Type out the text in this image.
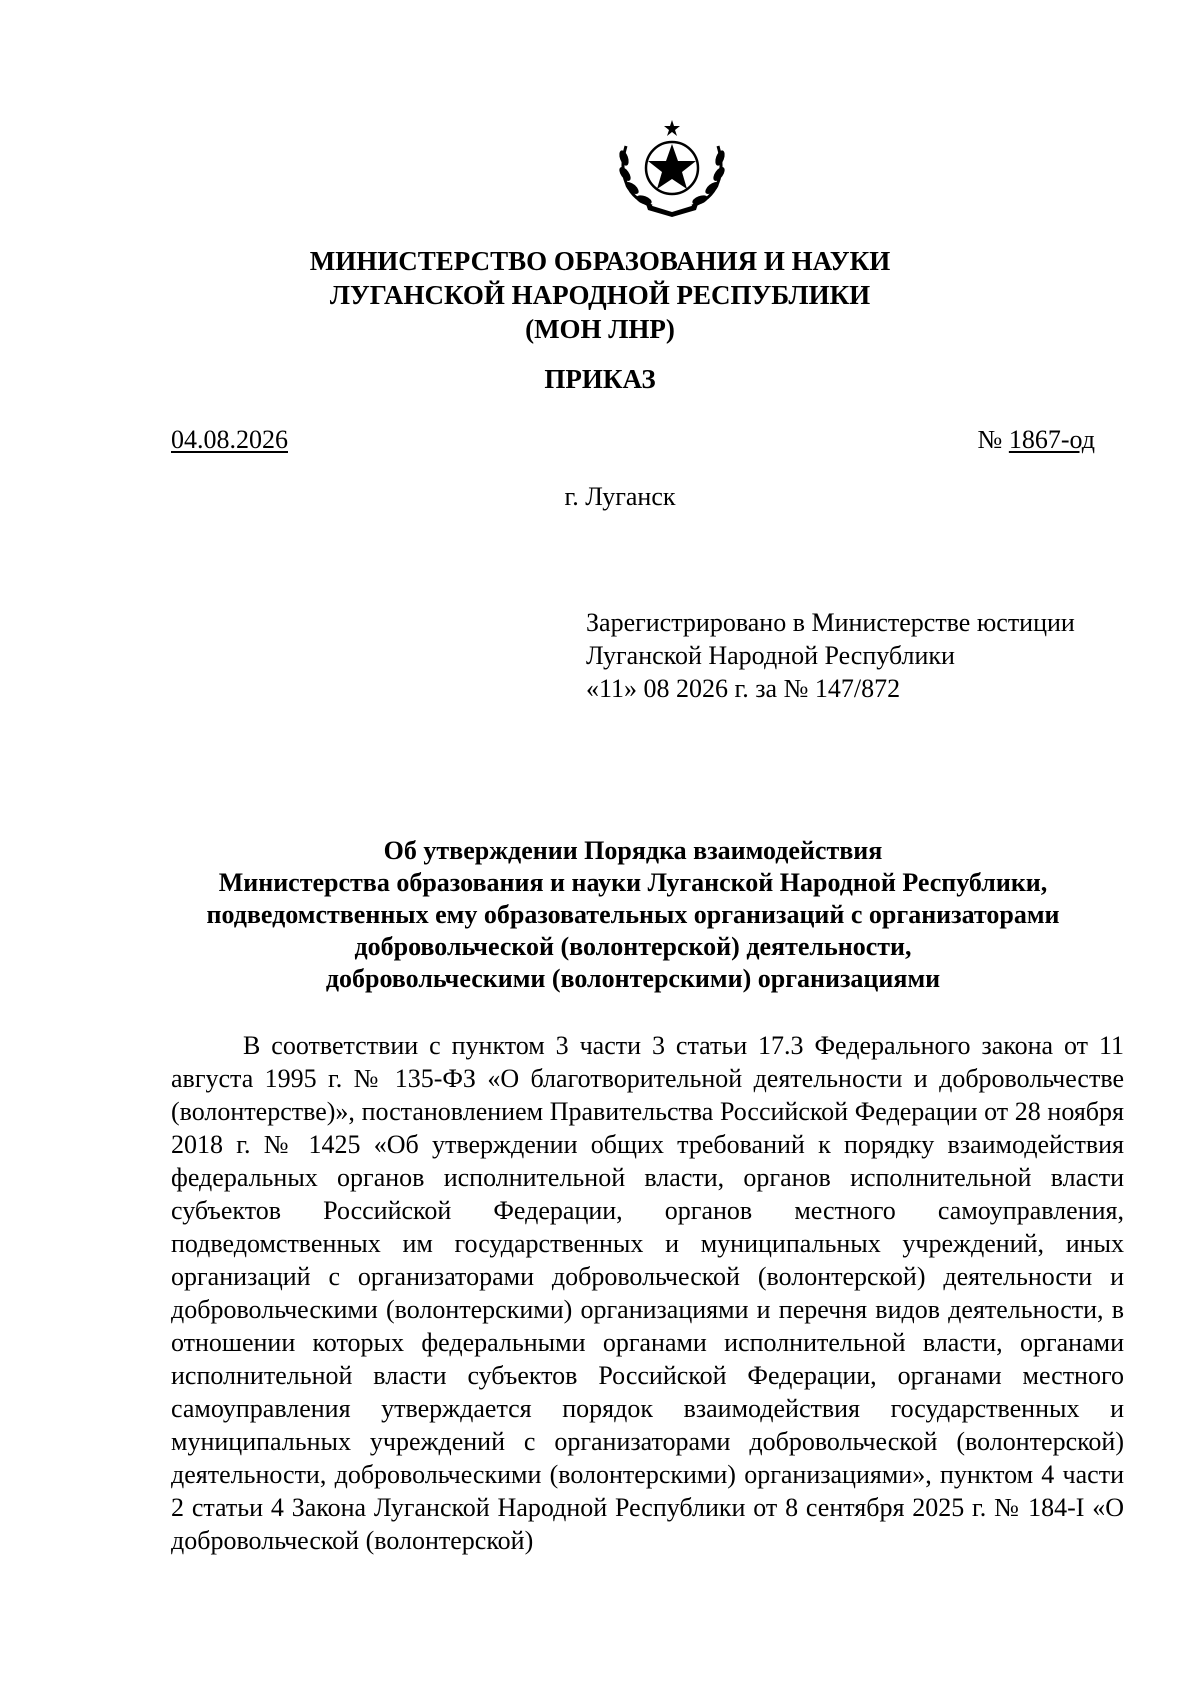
МИНИСТЕРСТВО ОБРАЗОВАНИЯ И НАУКИ
ЛУГАНСКОЙ НАРОДНОЙ РЕСПУБЛИКИ
(МОН ЛНР)
ПРИКАЗ
04.08.2026	№ 1867-од
г. Луганск
Зарегистрировано в Министерстве юстиции
Луганской Народной Республики
«11» 08 2026 г. за № 147/872
Об утверждении Порядка взаимодействия
Министерства образования и науки Луганской Народной Республики,
подведомственных ему образовательных организаций с организаторами
добровольческой (волонтерской) деятельности,
добровольческими (волонтерскими) организациями

В соответствии с пунктом 3 части 3 статьи 17.3 Федерального закона от 11 августа 1995 г. № 135-ФЗ «О благотворительной деятельности и добровольчестве (волонтерстве)», постановлением Правительства Российской Федерации от 28 ноября 2018 г. № 1425 «Об утверждении общих требований к порядку взаимодействия федеральных органов исполнительной власти, органов исполнительной власти субъектов Российской Федерации, органов местного самоуправления, подведомственных им государственных и муниципальных учреждений, иных организаций с организаторами добровольческой (волонтерской) деятельности и добровольческими (волонтерскими) организациями и перечня видов деятельности, в отношении которых федеральными органами исполнительной власти, органами исполнительной власти субъектов Российской Федерации, органами местного самоуправления утверждается порядок взаимодействия государственных и муниципальных учреждений с организаторами добровольческой (волонтерской) деятельности, добровольческими (волонтерскими) организациями», пунктом 4 части 2 статьи 4 Закона Луганской Народной Республики от 8 сентября 2025 г. № 184-I «О добровольческой (волонтерской)
